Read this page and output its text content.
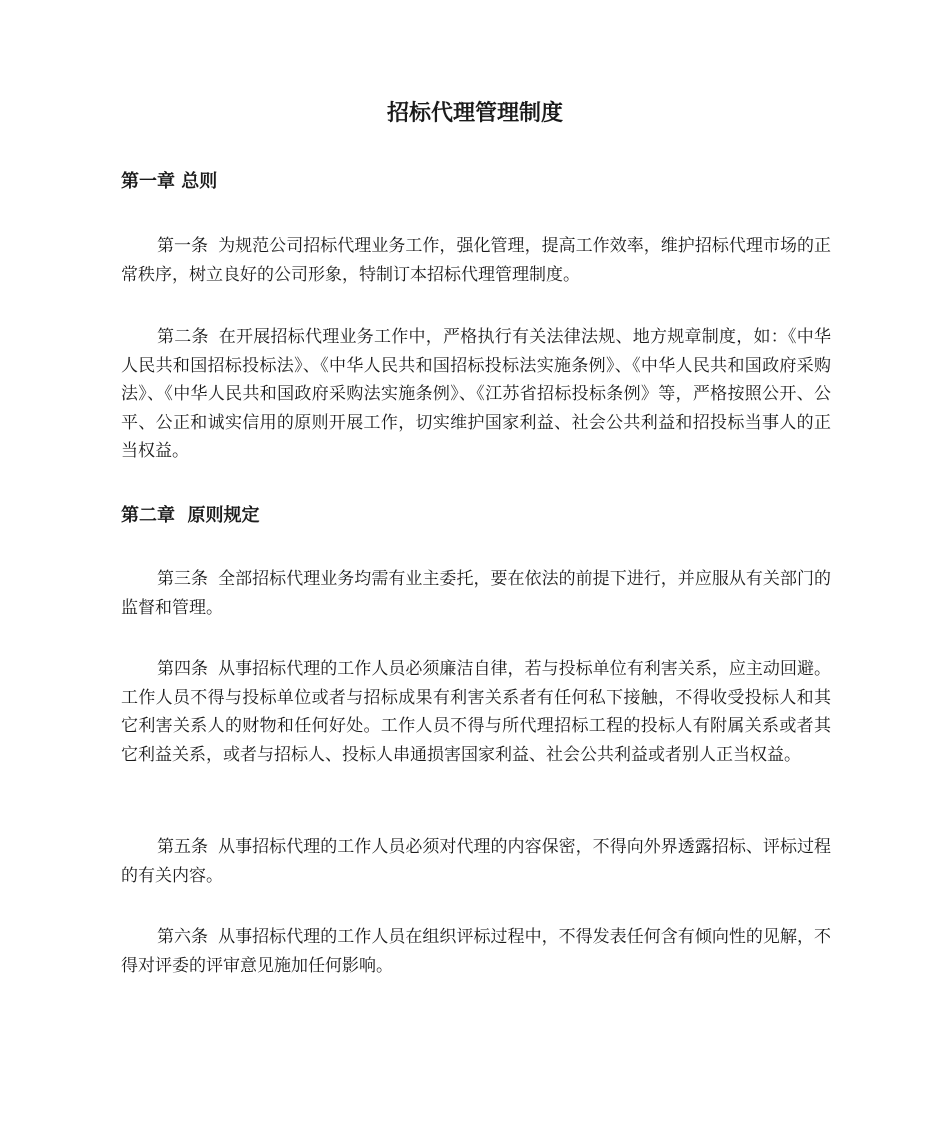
招标代理管理制度
第一章 总则

第一条 为规范公司招标代理业务工作，强化管理，提高工作效率，维护招标代理市场的正常秩序，树立良好的公司形象，特制订本招标代理管理制度。

第二条 在开展招标代理业务工作中，严格执行有关法律法规、地方规章制度，如：《中华人民共和国招标投标法》、《中华人民共和国招标投标法实施条例》、《中华人民共和国政府采购法》、《中华人民共和国政府采购法实施条例》、《江苏省招标投标条例》等，严格按照公开、公平、公正和诚实信用的原则开展工作，切实维护国家利益、社会公共利益和招投标当事人的正当权益。

第二章  原则规定

第三条 全部招标代理业务均需有业主委托，要在依法的前提下进行，并应服从有关部门的监督和管理。

第四条 从事招标代理的工作人员必须廉洁自律，若与投标单位有利害关系，应主动回避。工作人员不得与投标单位或者与招标成果有利害关系者有任何私下接触，不得收受投标人和其它利害关系人的财物和任何好处。工作人员不得与所代理招标工程的投标人有附属关系或者其它利益关系，或者与招标人、投标人串通损害国家利益、社会公共利益或者别人正当权益。

第五条 从事招标代理的工作人员必须对代理的内容保密，不得向外界透露招标、评标过程的有关内容。

第六条 从事招标代理的工作人员在组织评标过程中，不得发表任何含有倾向性的见解，不得对评委的评审意见施加任何影响。
